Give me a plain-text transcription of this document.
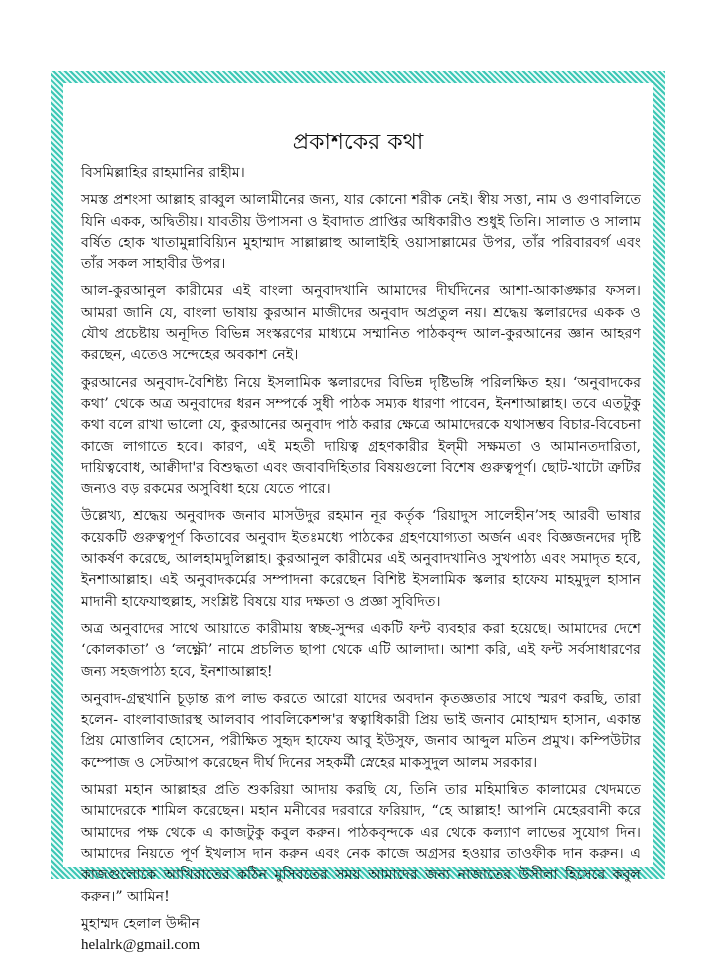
প্রকাশকের কথা

বিসমিল্লাহির রাহমানির রাহীম।

সমস্ত প্রশংসা আল্লাহ রাব্বুল আলামীনের জন্য, যার কোনো শরীক নেই। স্বীয় সত্তা, নাম ও গুণাবলিতে যিনি একক, অদ্বিতীয়। যাবতীয় উপাসনা ও ইবাদাত প্রাপ্তির অধিকারীও শুধুই তিনি। সালাত ও সালাম বর্ষিত হোক খাতামুন্নাবিয়্যিন মুহাম্মাদ সাল্লাল্লাহু আলাইহি ওয়াসাল্লামের উপর, তাঁর পরিবারবর্গ এবং তাঁর সকল সাহাবীর উপর।

আল-কুরআনুল কারীমের এই বাংলা অনুবাদখানি আমাদের দীর্ঘদিনের আশা-আকাঙ্ক্ষার ফসল। আমরা জানি যে, বাংলা ভাষায় কুরআন মাজীদের অনুবাদ অপ্রতুল নয়। শ্রদ্ধেয় স্কলারদের একক ও যৌথ প্রচেষ্টায় অনূদিত বিভিন্ন সংস্করণের মাধ্যমে সম্মানিত পাঠকবৃন্দ আল-কুরআনের জ্ঞান আহরণ করছেন, এতেও সন্দেহের অবকাশ নেই।

কুরআনের অনুবাদ-বৈশিষ্ট্য নিয়ে ইসলামিক স্কলারদের বিভিন্ন দৃষ্টিভঙ্গি পরিলক্ষিত হয়। ‘অনুবাদকের কথা’ থেকে অত্র অনুবাদের ধরন সম্পর্কে সুধী পাঠক সম্যক ধারণা পাবেন, ইনশাআল্লাহ। তবে এতটুকু কথা বলে রাখা ভালো যে, কুরআনের অনুবাদ পাঠ করার ক্ষেত্রে আমাদেরকে যথাসম্ভব বিচার-বিবেচনা কাজে লাগাতে হবে। কারণ, এই মহতী দায়িত্ব গ্রহণকারীর ইল্‌মী সক্ষমতা ও আমানতদারিতা, দায়িত্ববোধ, আক্বীদা'র বিশুদ্ধতা এবং জবাবদিহিতার বিষয়গুলো বিশেষ গুরুত্বপূর্ণ। ছোট-খাটো ত্রুটির জন্যও বড় রকমের অসুবিধা হয়ে যেতে পারে।

উল্লেখ্য, শ্রদ্ধেয় অনুবাদক জনাব মাসউদুর রহমান নূর কর্তৃক ‘রিয়াদুস সালেহীন’সহ আরবী ভাষার কয়েকটি গুরুত্বপূর্ণ কিতাবের অনুবাদ ইতঃমধ্যে পাঠকের গ্রহণযোগ্যতা অর্জন এবং বিজ্ঞজনদের দৃষ্টি আকর্ষণ করেছে, আলহামদুলিল্লাহ। কুরআনুল কারীমের এই অনুবাদখানিও সুখপাঠ্য এবং সমাদৃত হবে, ইনশাআল্লাহ। এই অনুবাদকর্মের সম্পাদনা করেছেন বিশিষ্ট ইসলামিক স্কলার হাফেয মাহমুদুল হাসান মাদানী হাফেযাহুল্লাহ, সংশ্লিষ্ট বিষয়ে যার দক্ষতা ও প্রজ্ঞা সুবিদিত।

অত্র অনুবাদের সাথে আয়াতে কারীমায় স্বচ্ছ-সুন্দর একটি ফন্ট ব্যবহার করা হয়েছে। আমাদের দেশে ‘কোলকাতা’ ও ‘লক্ষ্ণৌ’ নামে প্রচলিত ছাপা থেকে এটি আলাদা। আশা করি, এই ফন্ট সর্বসাধারণের জন্য সহজপাঠ্য হবে, ইনশাআল্লাহ!

অনুবাদ-গ্রন্থখানি চূড়ান্ত রূপ লাভ করতে আরো যাদের অবদান কৃতজ্ঞতার সাথে স্মরণ করছি, তারা হলেন- বাংলাবাজারস্থ আলবাব পাবলিকেশন্স'র স্বত্বাধিকারী প্রিয় ভাই জনাব মোহাম্মদ হাসান, একান্ত প্রিয় মোত্তালিব হোসেন, পরীক্ষিত সুহৃদ হাফেয আবু ইউসুফ, জনাব আব্দুল মতিন প্রমুখ। কম্পিউটার কম্পোজ ও সেটআপ করেছেন দীর্ঘ দিনের সহকর্মী স্নেহের মাকসুদুল আলম সরকার।

আমরা মহান আল্লাহর প্রতি শুকরিয়া আদায় করছি যে, তিনি তার মহিমান্বিত কালামের খেদমতে আমাদেরকে শামিল করেছেন। মহান মনীবের দরবারে ফরিয়াদ, “হে আল্লাহ! আপনি মেহেরবানী করে আমাদের পক্ষ থেকে এ কাজটুকু কবুল করুন। পাঠকবৃন্দকে এর থেকে কল্যাণ লাভের সুযোগ দিন। আমাদের নিয়তে পূর্ণ ইখলাস দান করুন এবং নেক কাজে অগ্রসর হওয়ার তাওফীক দান করুন। এ কাজগুলোকে আখিরাতের কঠিন মুসিবতের সময় আমাদের জন্য নাজাতের উসীলা হিসেবে কবুল করুন।” আমিন!

মুহাম্মদ হেলাল উদ্দীন
helalrk@gmail.com
